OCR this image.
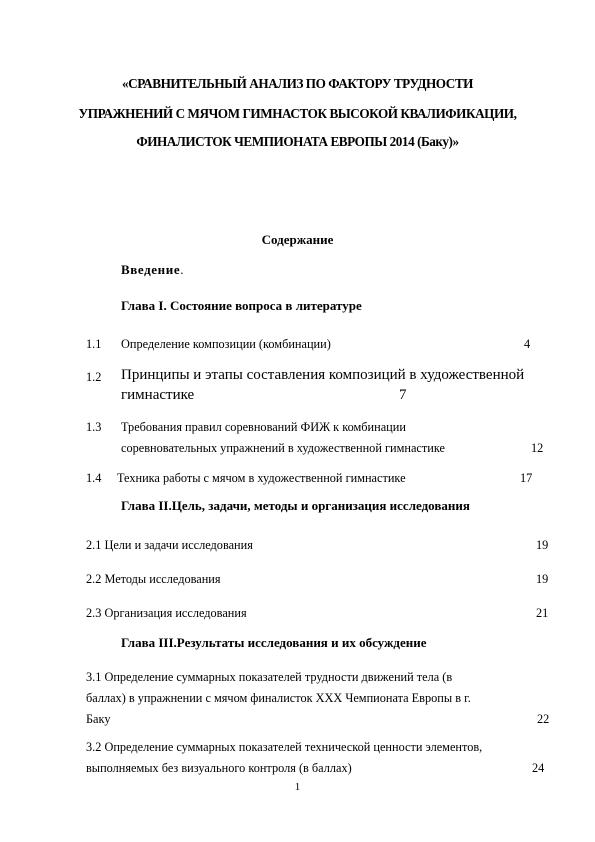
«СРАВНИТЕЛЬНЫЙ АНАЛИЗ ПО ФАКТОРУ ТРУДНОСТИ
УПРАЖНЕНИЙ С МЯЧОМ ГИМНАСТОК ВЫСОКОЙ КВАЛИФИКАЦИИ,
ФИНАЛИСТОК ЧЕМПИОНАТА ЕВРОПЫ 2014 (Баку)»
Содержание
Введение.
Глава I. Состояние вопроса в литературе
1.1 Определение композиции (комбинации)	4
1.2 Принципы и этапы составления композиций в художественной
гимнастике	7
1.3 Требования правил соревнований ФИЖ к комбинации
соревновательных упражнений в художественной гимнастике	12
1.4 Техника работы с мячом в художественной гимнастике	17
Глава II.Цель, задачи, методы и организация исследования
2.1 Цели и задачи исследования	19
2.2 Методы исследования	19
2.3 Организация исследования	21
Глава III.Результаты исследования и их обсуждение
3.1 Определение суммарных показателей трудности движений тела (в
баллах) в упражнении с мячом финалисток XXX Чемпионата Европы в г.
Баку	22
3.2 Определение суммарных показателей технической ценности элементов,
выполняемых без визуального контроля (в баллах)	24
1
